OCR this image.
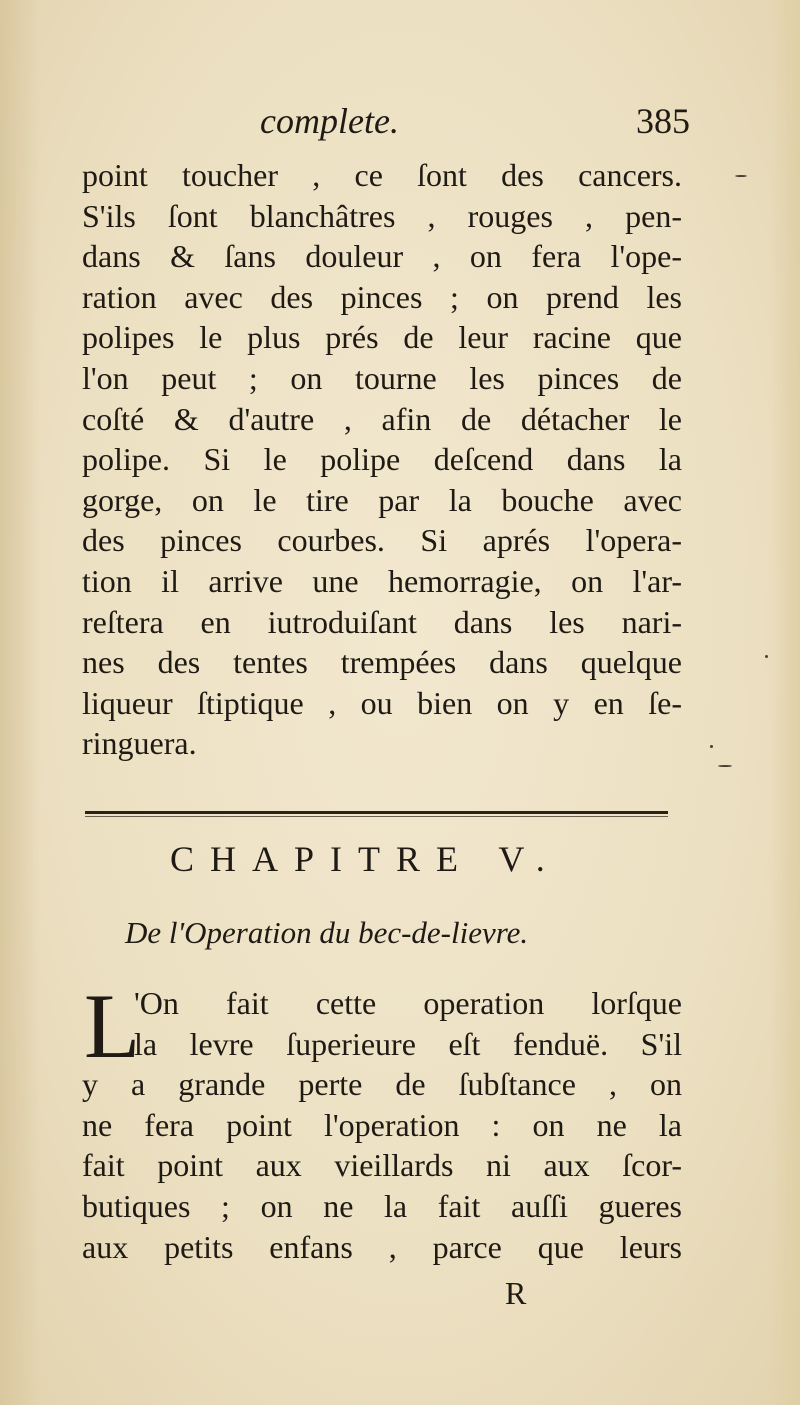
complete.	385
point toucher , ce ſont des cancers.
S'ils ſont blanchâtres , rouges , pen-
dans & ſans douleur , on fera l'ope-
ration avec des pinces ; on prend les
polipes le plus prés de leur racine que
l'on peut ; on tourne les pinces de
coſté & d'autre , afin de détacher le
polipe. Si le polipe deſcend dans la
gorge, on le tire par la bouche avec
des pinces courbes. Si aprés l'opera-
tion il arrive une hemorragie, on l'ar-
reſtera en iutroduiſant dans les nari-
nes des tentes trempées dans quelque
liqueur ſtiptique , ou bien on y en ſe-
ringuera.
CHAPITRE V.
De l'Operation du bec-de-lievre.
L
'On fait cette operation lorſque
la levre ſuperieure eſt fenduë. S'il
y a grande perte de ſubſtance , on
ne fera point l'operation : on ne la
fait point aux vieillards ni aux ſcor-
butiques ; on ne la fait auſſi gueres
aux petits enfans , parce que leurs
R
